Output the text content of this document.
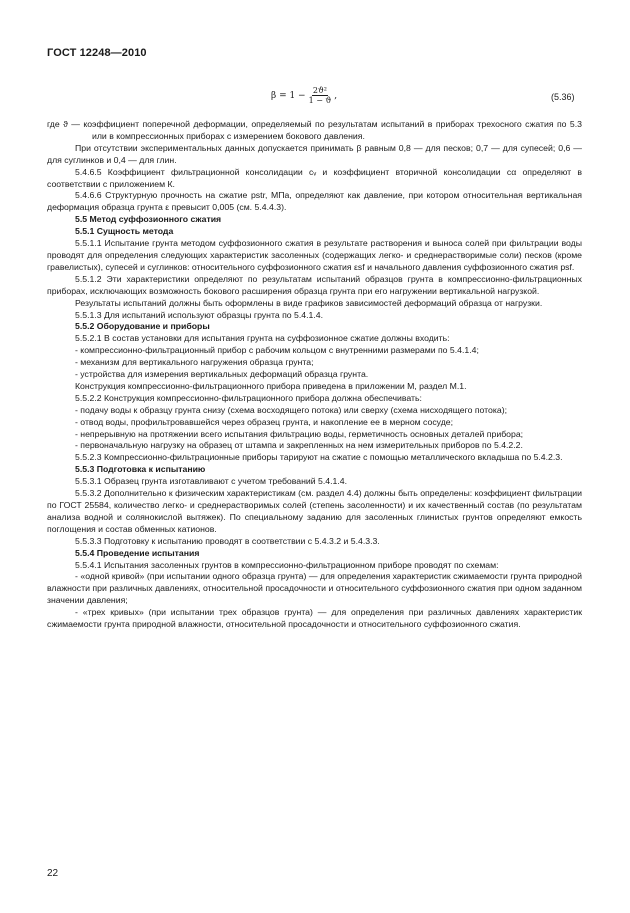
ГОСТ 12248—2010
$\beta = 1 - \frac{\text{2ϑ²}}{1 - ϑ}$ ,	(5.36)

где ϑ — коэффициент поперечной деформации, определяемый по результатам испытаний в приборах трехосного сжатия по 5.3 или в компрессионных приборах с измерением бокового давления.

При отсутствии экспериментальных данных допускается принимать β равным 0,8 — для песков; 0,7 — для супесей; 0,6 — для суглинков и 0,4 — для глин.

5.4.6.5 Коэффициент фильтрационной консолидации cᵥ и коэффициент вторичной консолидации cα определяют в соответствии с приложением К.

5.4.6.6 Структурную прочность на сжатие pstr, МПа, определяют как давление, при котором относительная вертикальная деформация образца грунта ε превысит 0,005 (см. 5.4.4.3).

5.5 Метод суффозионного сжатия

5.5.1 Сущность метода

5.5.1.1 Испытание грунта методом суффозионного сжатия в результате растворения и выноса солей при фильтрации воды проводят для определения следующих характеристик засоленных (содержащих легко- и среднерастворимые соли) песков (кроме гравелистых), супесей и суглинков: относительного суффозионного сжатия εsf и начального давления суффозионного сжатия psf.

5.5.1.2 Эти характеристики определяют по результатам испытаний образцов грунта в компрессионно-фильтрационных приборах, исключающих возможность бокового расширения образца грунта при его нагружении вертикальной нагрузкой.

Результаты испытаний должны быть оформлены в виде графиков зависимостей деформаций образца от нагрузки.

5.5.1.3 Для испытаний используют образцы грунта по 5.4.1.4.

5.5.2 Оборудование и приборы

5.5.2.1 В состав установки для испытания грунта на суффозионное сжатие должны входить:

- компрессионно-фильтрационный прибор с рабочим кольцом с внутренними размерами по 5.4.1.4;

- механизм для вертикального нагружения образца грунта;

- устройства для измерения вертикальных деформаций образца грунта.

Конструкция компрессионно-фильтрационного прибора приведена в приложении М, раздел М.1.

5.5.2.2 Конструкция компрессионно-фильтрационного прибора должна обеспечивать:

- подачу воды к образцу грунта снизу (схема восходящего потока) или сверху (схема нисходящего потока);

- отвод воды, профильтровавшейся через образец грунта, и накопление ее в мерном сосуде;

- непрерывную на протяжении всего испытания фильтрацию воды, герметичность основных деталей прибора;

- первоначальную нагрузку на образец от штампа и закрепленных на нем измерительных приборов по 5.4.2.2.

5.5.2.3 Компрессионно-фильтрационные приборы тарируют на сжатие с помощью металлического вкладыша по 5.4.2.3.

5.5.3 Подготовка к испытанию

5.5.3.1 Образец грунта изготавливают с учетом требований 5.4.1.4.

5.5.3.2 Дополнительно к физическим характеристикам (см. раздел 4.4) должны быть определены: коэффициент фильтрации по ГОСТ 25584, количество легко- и среднерастворимых солей (степень засоленности) и их качественный состав (по результатам анализа водной и солянокислой вытяжек). По специальному заданию для засоленных глинистых грунтов определяют емкость поглощения и состав обменных катионов.

5.5.3.3 Подготовку к испытанию проводят в соответствии с 5.4.3.2 и 5.4.3.3.

5.5.4 Проведение испытания

5.5.4.1 Испытания засоленных грунтов в компрессионно-фильтрационном приборе проводят по схемам:

- «одной кривой» (при испытании одного образца грунта) — для определения характеристик сжимаемости грунта природной влажности при различных давлениях, относительной просадочности и относительного суффозионного сжатия при одном заданном значении давления;

- «трех кривых» (при испытании трех образцов грунта) — для определения при различных давлениях характеристик сжимаемости грунта природной влажности, относительной просадочности и относительного суффозионного сжатия.

22
